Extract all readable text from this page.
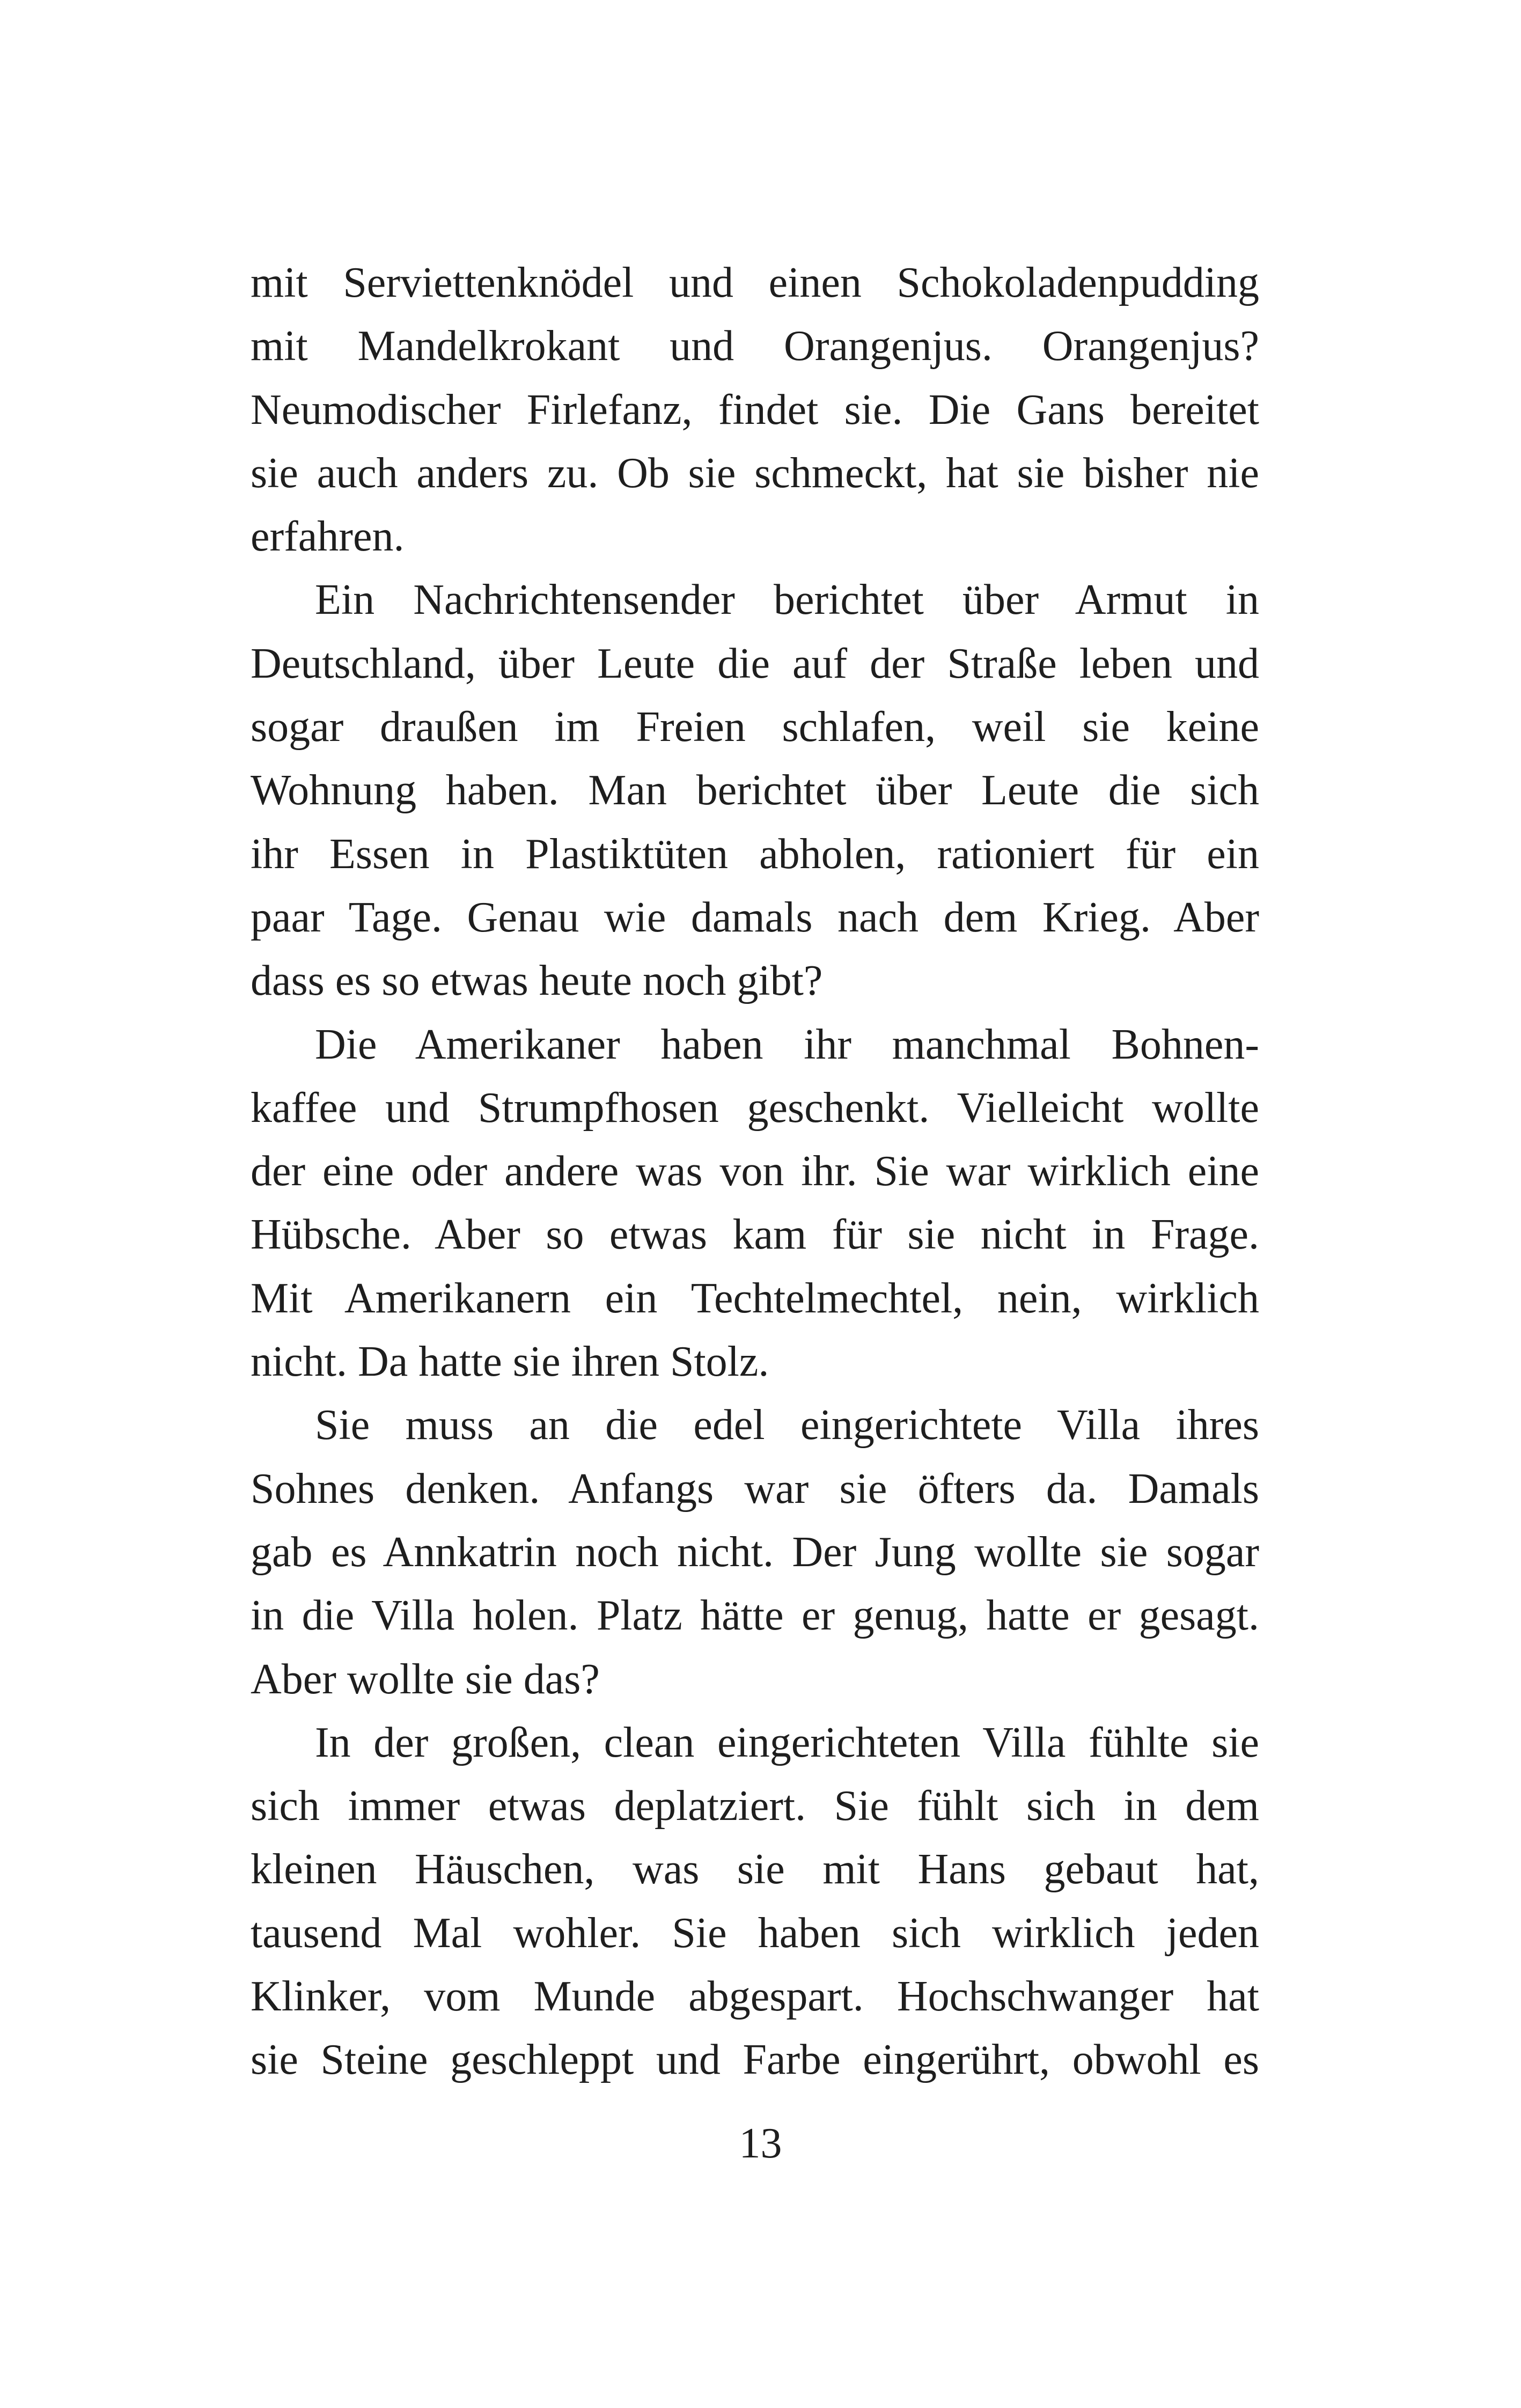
mit Serviettenknödel und einen Schokoladenpudding
mit Mandelkrokant und Orangenjus. Orangenjus?
Neumodischer Firlefanz, findet sie. Die Gans bereitet
sie auch anders zu. Ob sie schmeckt, hat sie bisher nie
erfahren.
Ein Nachrichtensender berichtet über Armut in
Deutschland, über Leute die auf der Straße leben und
sogar draußen im Freien schlafen, weil sie keine
Wohnung haben. Man berichtet über Leute die sich
ihr Essen in Plastiktüten abholen, rationiert für ein
paar Tage. Genau wie damals nach dem Krieg. Aber
dass es so etwas heute noch gibt?
Die Amerikaner haben ihr manchmal Bohnen-
kaffee und Strumpfhosen geschenkt. Vielleicht wollte
der eine oder andere was von ihr. Sie war wirklich eine
Hübsche. Aber so etwas kam für sie nicht in Frage.
Mit Amerikanern ein Techtelmechtel, nein, wirklich
nicht. Da hatte sie ihren Stolz.
Sie muss an die edel eingerichtete Villa ihres
Sohnes denken. Anfangs war sie öfters da. Damals
gab es Annkatrin noch nicht. Der Jung wollte sie sogar
in die Villa holen. Platz hätte er genug, hatte er gesagt.
Aber wollte sie das?
In der großen, clean eingerichteten Villa fühlte sie
sich immer etwas deplatziert. Sie fühlt sich in dem
kleinen Häuschen, was sie mit Hans gebaut hat,
tausend Mal wohler. Sie haben sich wirklich jeden
Klinker, vom Munde abgespart. Hochschwanger hat
sie Steine geschleppt und Farbe eingerührt, obwohl es
13
